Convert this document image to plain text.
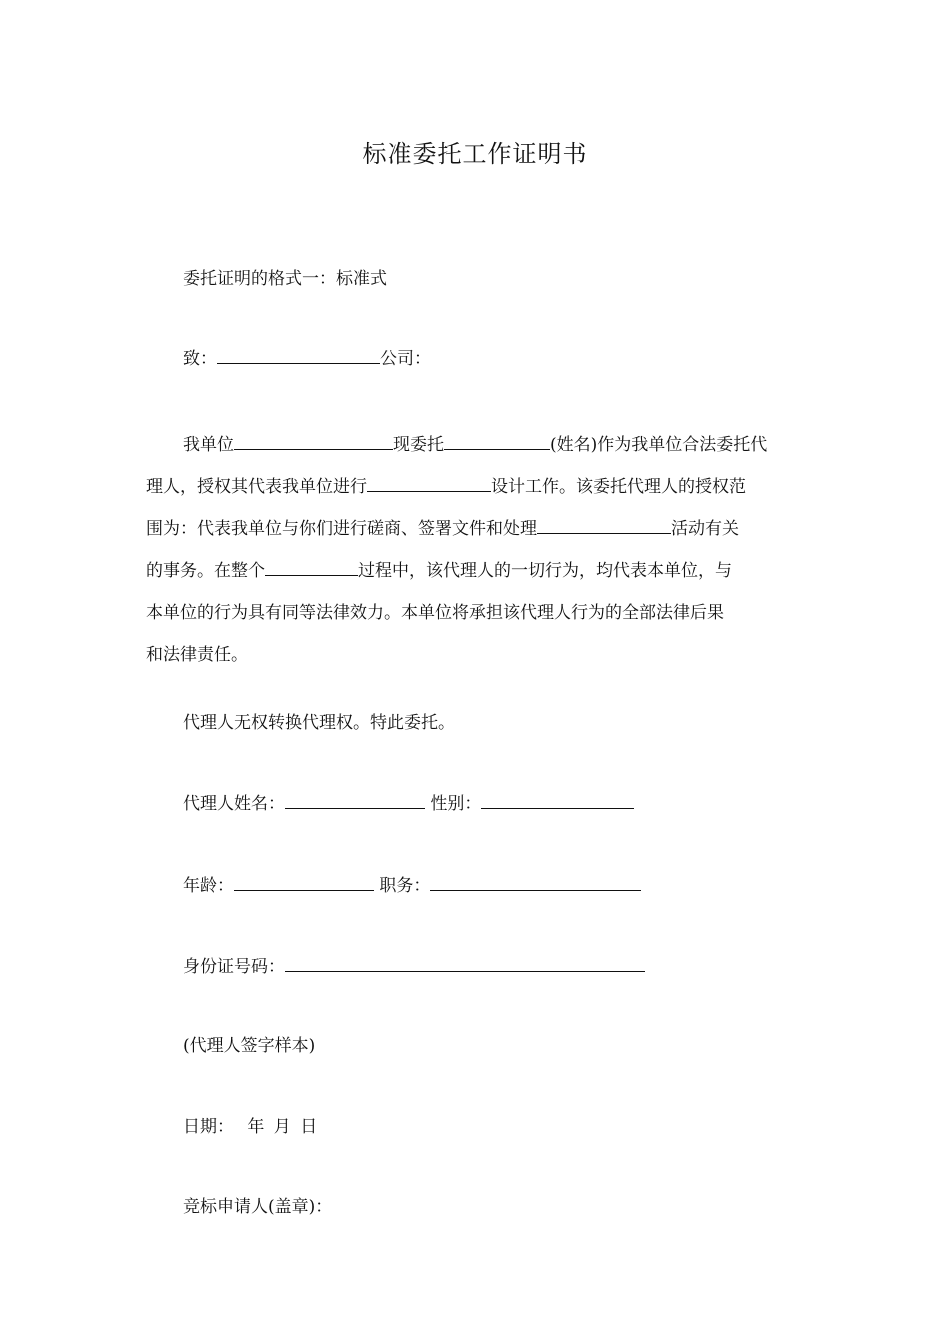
标准委托工作证明书
委托证明的格式一：标准式
致：	公司：
我单位	现委托	(姓名)作为我单位合法委托代
理人，授权其代表我单位进行	设计工作。该委托代理人的授权范
围为：代表我单位与你们进行磋商、签署文件和处理	活动有关
的事务。在整个	过程中，该代理人的一切行为，均代表本单位，与
本单位的行为具有同等法律效力。本单位将承担该代理人行为的全部法律后果
和法律责任。
代理人无权转换代理权。特此委托。
代理人姓名：	性别：
年龄：	职务：
身份证号码：
(代理人签字样本)
日期： 年 月 日
竞标申请人(盖章)：
